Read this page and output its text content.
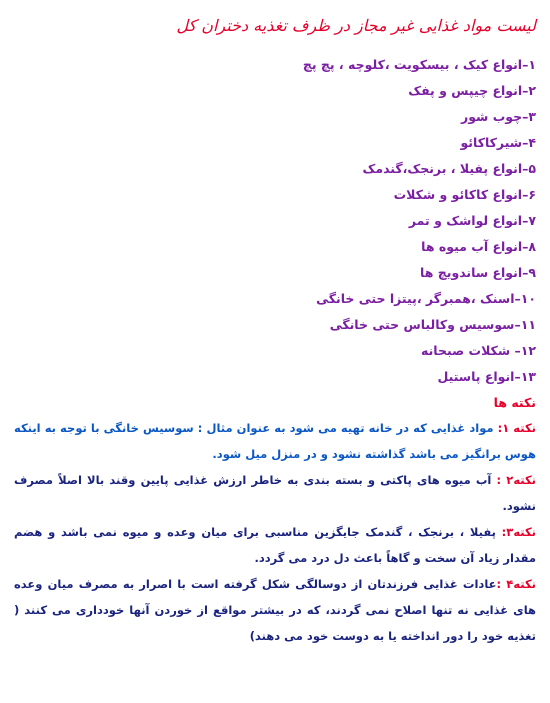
لیست مواد غذایی غیر مجاز در ظرف تغذیه دختران کل
۱–انواع کیک ، بیسکویت ،کلوچه ، پچ پچ
۲–انواع چیپس و پفک
۳–چوب شور
۴–شیرکاکائو
۵–انواع پفیلا ، برنجک،گندمک
۶–انواع کاکائو و شکلات
۷–انواع لواشک و تمر
۸–انواع آب میوه ها
۹–انواع ساندویچ ها
۱۰–اسنک ،همبرگر ،پیتزا حتی خانگی
۱۱–سوسیس وکالباس حتی خانگی
۱۲– شکلات صبحانه
۱۳–انواع پاستیل
نکته ها

نکته ۱: مواد غذایی که در خانه تهیه می شود به عنوان مثال : سوسیس خانگی با توجه به اینکه هوس برانگیز می باشد گذاشته نشود و در منزل میل شود.

نکته۲ : آب میوه های پاکتی و بسته بندی به خاطر ارزش غذایی پایین وقند بالا اصلاً مصرف نشود.

نکته۳: پفیلا ، برنجک ، گندمک جایگزین مناسبی برای میان وعده و میوه نمی باشد و هضم مقدار زیاد آن سخت و گاهاً باعث دل درد می گردد.

نکته۴ :عادات غذایی فرزندتان از دوسالگی شکل گرفته است با اصرار به مصرف میان وعده های غذایی نه تنها اصلاح نمی گردند، که در بیشتر مواقع از خوردن آنها خودداری می کنند ( تغذیه خود را دور انداخته یا به دوست خود می دهند)
